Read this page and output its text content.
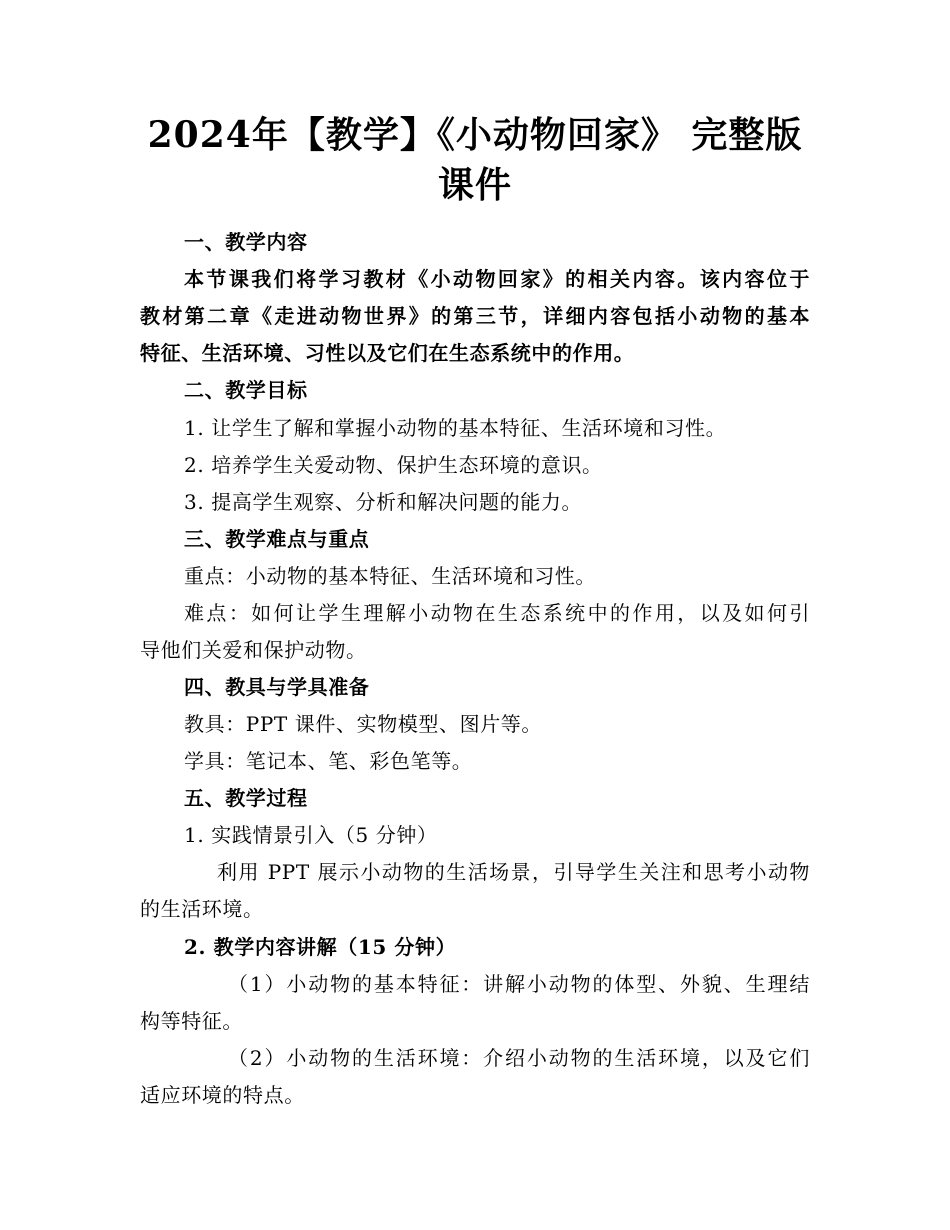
2024年【教学】《小动物回家》 完整版课件
一、教学内容
本节课我们将学习教材《小动物回家》的相关内容。该内容位于
教材第二章《走进动物世界》的第三节，详细内容包括小动物的基本
特征、生活环境、习性以及它们在生态系统中的作用。
二、教学目标
1. 让学生了解和掌握小动物的基本特征、生活环境和习性。
2. 培养学生关爱动物、保护生态环境的意识。
3. 提高学生观察、分析和解决问题的能力。
三、教学难点与重点
重点：小动物的基本特征、生活环境和习性。
难点：如何让学生理解小动物在生态系统中的作用，以及如何引
导他们关爱和保护动物。
四、教具与学具准备
教具：PPT 课件、实物模型、图片等。
学具：笔记本、笔、彩色笔等。
五、教学过程
1. 实践情景引入（5 分钟）
利用 PPT 展示小动物的生活场景，引导学生关注和思考小动物
的生活环境。
2. 教学内容讲解（15 分钟）
（1）小动物的基本特征：讲解小动物的体型、外貌、生理结
构等特征。
（2）小动物的生活环境：介绍小动物的生活环境，以及它们
适应环境的特点。
